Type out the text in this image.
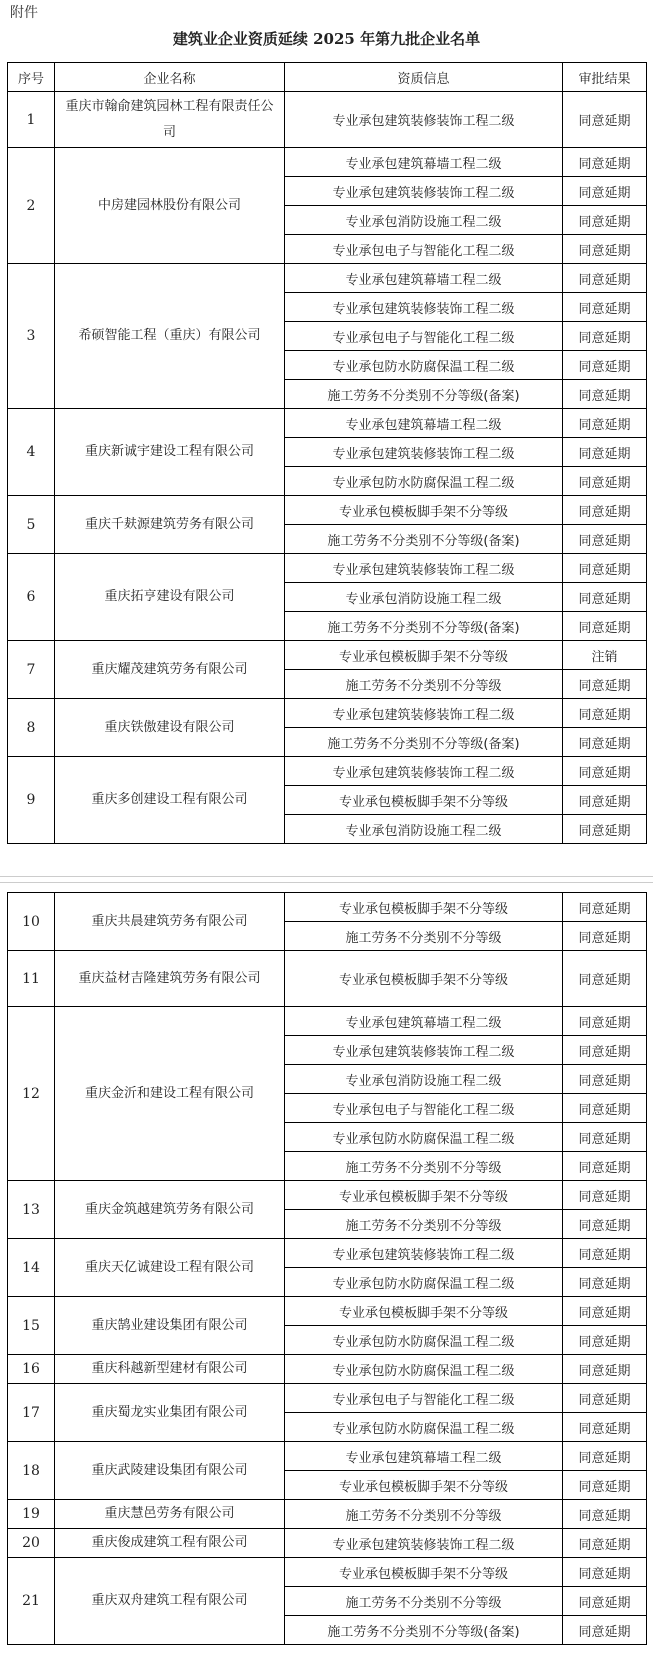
附件
建筑业企业资质延续 2025 年第九批企业名单
序号	企业名称	资质信息	审批结果
1	重庆市翰俞建筑园林工程有限责任公司	专业承包建筑装修装饰工程二级	同意延期
2	中房建园林股份有限公司	专业承包建筑幕墙工程二级	同意延期
		专业承包建筑装修装饰工程二级	同意延期
		专业承包消防设施工程二级	同意延期
		专业承包电子与智能化工程二级	同意延期
3	希硕智能工程（重庆）有限公司	专业承包建筑幕墙工程二级	同意延期
		专业承包建筑装修装饰工程二级	同意延期
		专业承包电子与智能化工程二级	同意延期
		专业承包防水防腐保温工程二级	同意延期
		施工劳务不分类别不分等级(备案)	同意延期
4	重庆新诚宇建设工程有限公司	专业承包建筑幕墙工程二级	同意延期
		专业承包建筑装修装饰工程二级	同意延期
		专业承包防水防腐保温工程二级	同意延期
5	重庆千麸源建筑劳务有限公司	专业承包模板脚手架不分等级	同意延期
		施工劳务不分类别不分等级(备案)	同意延期
6	重庆拓亨建设有限公司	专业承包建筑装修装饰工程二级	同意延期
		专业承包消防设施工程二级	同意延期
		施工劳务不分类别不分等级(备案)	同意延期
7	重庆耀茂建筑劳务有限公司	专业承包模板脚手架不分等级	注销
		施工劳务不分类别不分等级	同意延期
8	重庆铁傲建设有限公司	专业承包建筑装修装饰工程二级	同意延期
		施工劳务不分类别不分等级(备案)	同意延期
9	重庆多创建设工程有限公司	专业承包建筑装修装饰工程二级	同意延期
		专业承包模板脚手架不分等级	同意延期
		专业承包消防设施工程二级	同意延期
10	重庆共晨建筑劳务有限公司	专业承包模板脚手架不分等级	同意延期
		施工劳务不分类别不分等级	同意延期
11	重庆益材吉隆建筑劳务有限公司	专业承包模板脚手架不分等级	同意延期
12	重庆金沂和建设工程有限公司	专业承包建筑幕墙工程二级	同意延期
		专业承包建筑装修装饰工程二级	同意延期
		专业承包消防设施工程二级	同意延期
		专业承包电子与智能化工程二级	同意延期
		专业承包防水防腐保温工程二级	同意延期
		施工劳务不分类别不分等级	同意延期
13	重庆金筑越建筑劳务有限公司	专业承包模板脚手架不分等级	同意延期
		施工劳务不分类别不分等级	同意延期
14	重庆天亿诚建设工程有限公司	专业承包建筑装修装饰工程二级	同意延期
		专业承包防水防腐保温工程二级	同意延期
15	重庆鹄业建设集团有限公司	专业承包模板脚手架不分等级	同意延期
		专业承包防水防腐保温工程二级	同意延期
16	重庆科越新型建材有限公司	专业承包防水防腐保温工程二级	同意延期
17	重庆蜀龙实业集团有限公司	专业承包电子与智能化工程二级	同意延期
		专业承包防水防腐保温工程二级	同意延期
18	重庆武陵建设集团有限公司	专业承包建筑幕墙工程二级	同意延期
		专业承包模板脚手架不分等级	同意延期
19	重庆慧邑劳务有限公司	施工劳务不分类别不分等级	同意延期
20	重庆俊成建筑工程有限公司	专业承包建筑装修装饰工程二级	同意延期
21	重庆双舟建筑工程有限公司	专业承包模板脚手架不分等级	同意延期
		施工劳务不分类别不分等级	同意延期
		施工劳务不分类别不分等级(备案)	同意延期
